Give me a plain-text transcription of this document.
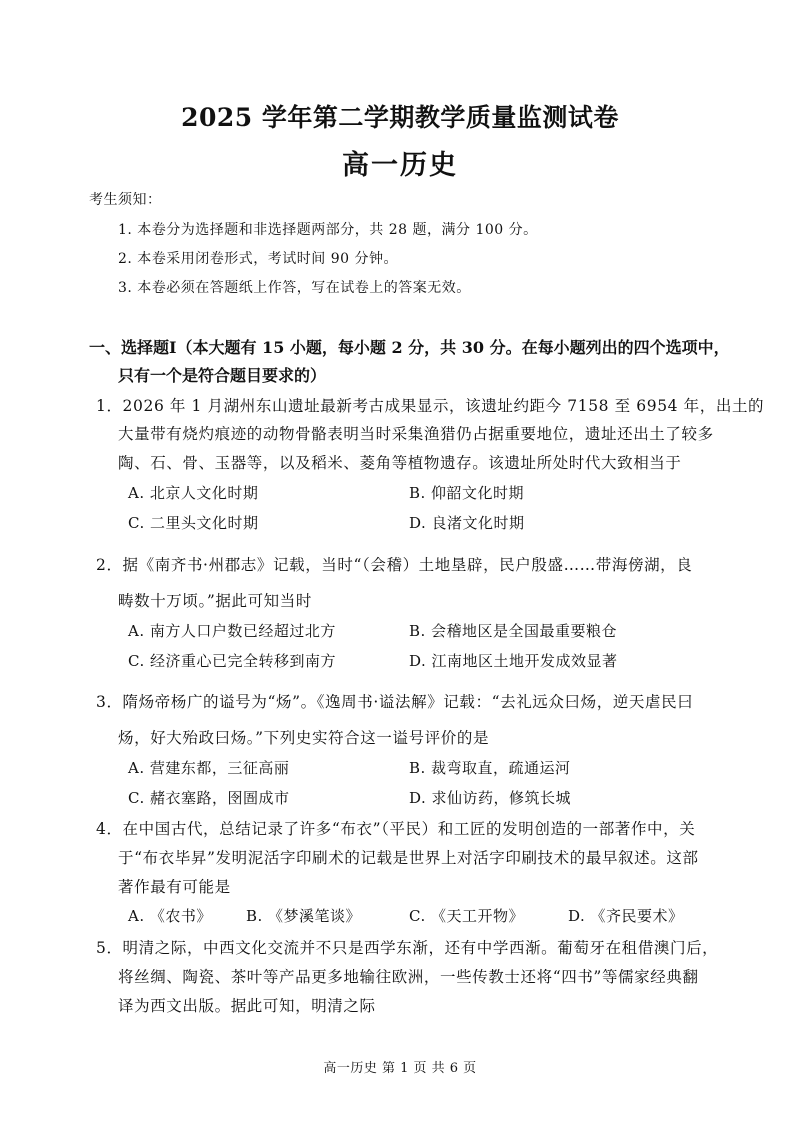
2025 学年第二学期教学质量监测试卷
高一历史
考生须知：
1. 本卷分为选择题和非选择题两部分，共 28 题，满分 100 分。
2. 本卷采用闭卷形式，考试时间 90 分钟。
3. 本卷必须在答题纸上作答，写在试卷上的答案无效。
一、选择题Ⅰ（本大题有 15 小题，每小题 2 分，共 30 分。在每小题列出的四个选项中，
只有一个是符合题目要求的）
1．2026 年 1 月湖州东山遗址最新考古成果显示，该遗址约距今 7158 至 6954 年，出土的
大量带有烧灼痕迹的动物骨骼表明当时采集渔猎仍占据重要地位，遗址还出土了较多
陶、石、骨、玉器等，以及稻米、菱角等植物遗存。该遗址所处时代大致相当于
A. 北京人文化时期	B. 仰韶文化时期
C. 二里头文化时期	D. 良渚文化时期
2．据《南齐书·州郡志》记载，当时“（会稽）土地垦辟，民户殷盛……带海傍湖，良
畴数十万顷。”据此可知当时
A. 南方人口户数已经超过北方	B. 会稽地区是全国最重要粮仓
C. 经济重心已完全转移到南方	D. 江南地区土地开发成效显著
3．隋炀帝杨广的谥号为“炀”。《逸周书·谥法解》记载：“去礼远众曰炀，逆天虐民曰
炀，好大殆政曰炀。”下列史实符合这一谥号评价的是
A. 营建东都，三征高丽	B. 裁弯取直，疏通运河
C. 赭衣塞路，囹圄成市	D. 求仙访药，修筑长城
4．在中国古代，总结记录了许多“布衣”（平民）和工匠的发明创造的一部著作中，关
于“布衣毕昇”发明泥活字印刷术的记载是世界上对活字印刷技术的最早叙述。这部
著作最有可能是
A. 《农书》 B. 《梦溪笔谈》	C. 《天工开物》	D. 《齐民要术》
5．明清之际，中西文化交流并不只是西学东渐，还有中学西渐。葡萄牙在租借澳门后，
将丝绸、陶瓷、茶叶等产品更多地输往欧洲，一些传教士还将“四书”等儒家经典翻
译为西文出版。据此可知，明清之际
高一历史 第 1 页 共 6 页
